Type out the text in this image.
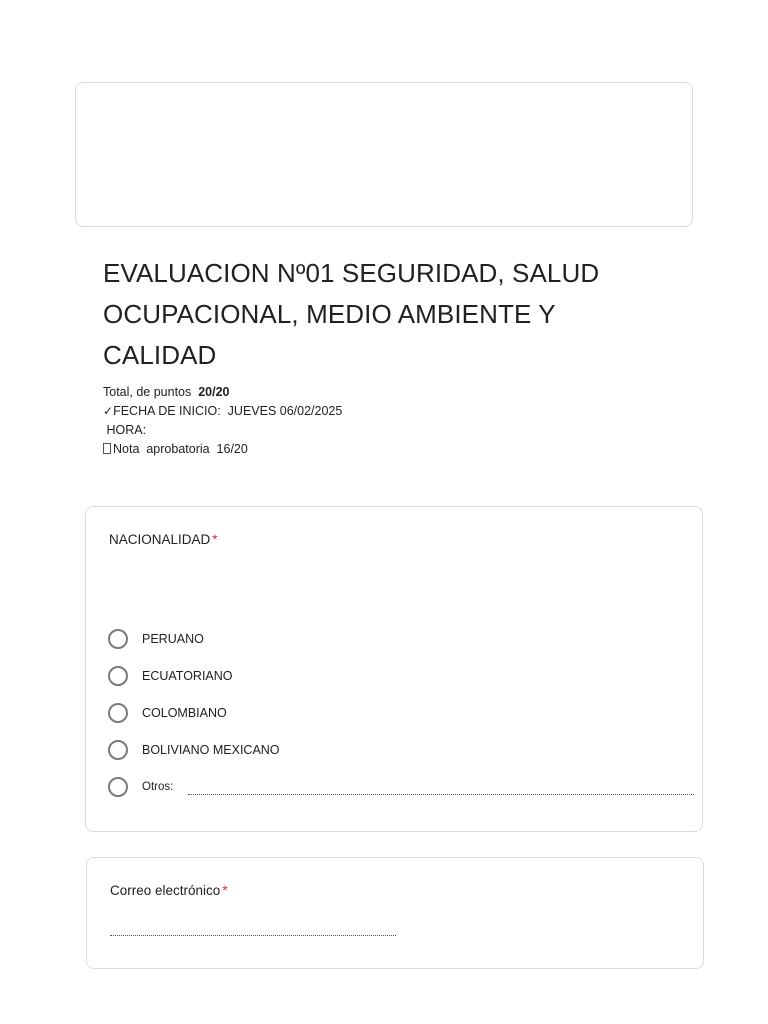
EVALUACION Nº01 SEGURIDAD, SALUD OCUPACIONAL, MEDIO AMBIENTE Y CALIDAD
Total, de puntos 20/20
✓FECHA DE INICIO: JUEVES 06/02/2025
HORA:
Nota  aprobatoria 16/20
NACIONALIDAD *
PERUANO
ECUATORIANO
COLOMBIANO
BOLIVIANO MEXICANO
Otros:
Correo electrónico *
